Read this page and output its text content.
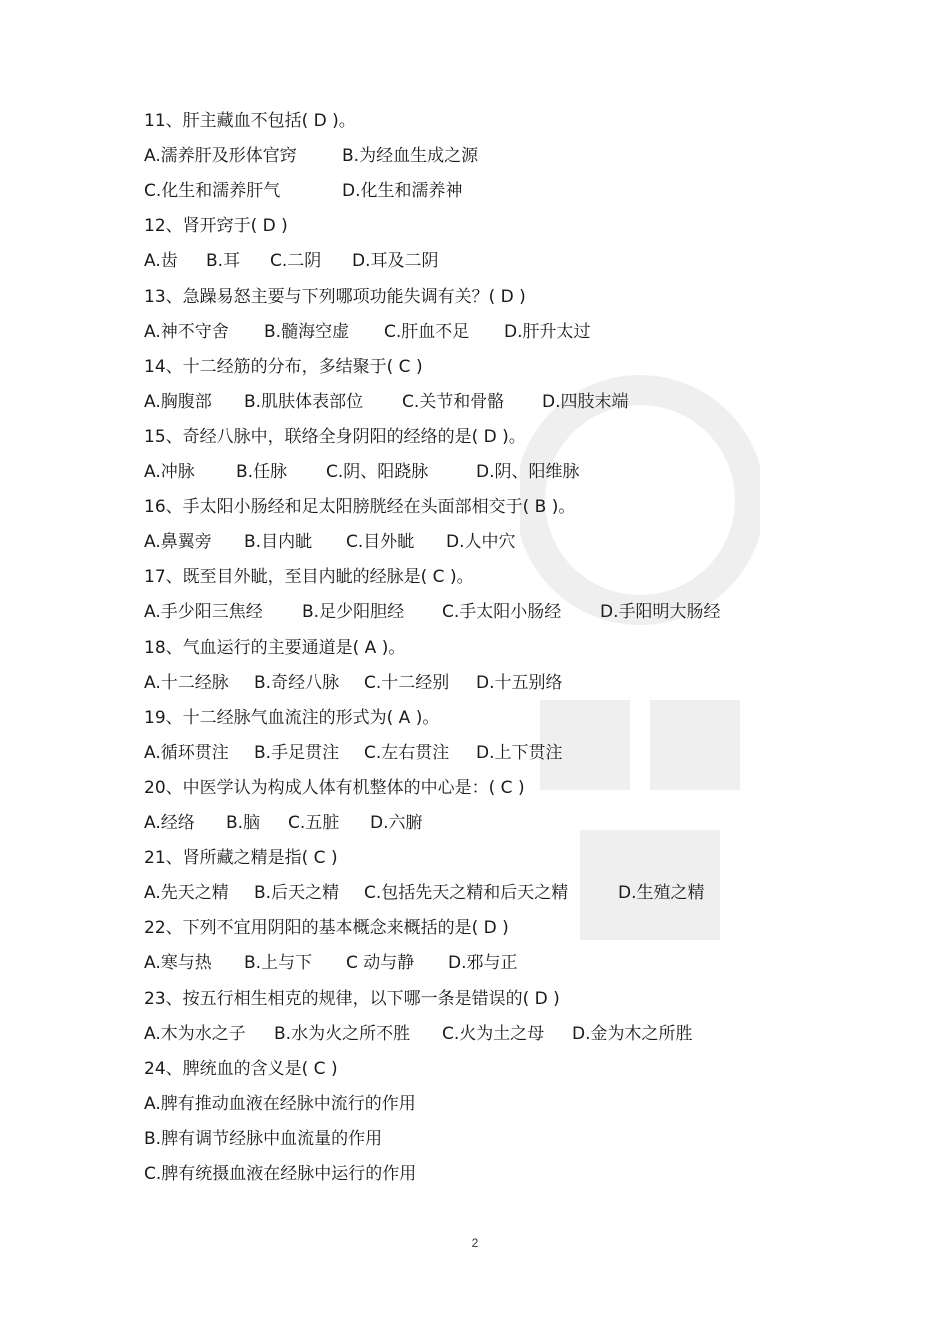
11、肝主藏血不包括( D )。
A.濡养肝及形体官窍	B.为经血生成之源
C.化生和濡养肝气	D.化生和濡养神
12、肾开窍于( D )
A.齿 B.耳 C.二阴 D.耳及二阴
13、急躁易怒主要与下列哪项功能失调有关？( D )
A.神不守舍 B.髓海空虚 C.肝血不足 D.肝升太过
14、十二经筋的分布，多结聚于( C )
A.胸腹部 B.肌肤体表部位 C.关节和骨骼 D.四肢末端
15、奇经八脉中，联络全身阴阳的经络的是( D )。
A.冲脉 B.任脉 C.阴、阳跷脉	D.阴、阳维脉
16、手太阳小肠经和足太阳膀胱经在头面部相交于( B )。
A.鼻翼旁 B.目内眦 C.目外眦 D.人中穴
17、既至目外眦，至目内眦的经脉是( C )。
A.手少阳三焦经 B.足少阳胆经 C.手太阳小肠经 D.手阳明大肠经
18、气血运行的主要通道是( A )。
A.十二经脉 B.奇经八脉 C.十二经别 D.十五别络
19、十二经脉气血流注的形式为( A )。
A.循环贯注 B.手足贯注 C.左右贯注 D.上下贯注
20、中医学认为构成人体有机整体的中心是：( C )
A.经络 B.脑 C.五脏 D.六腑
21、肾所藏之精是指( C )
A.先天之精 B.后天之精 C.包括先天之精和后天之精	D.生殖之精
22、下列不宜用阴阳的基本概念来概括的是( D )
A.寒与热 B.上与下 C 动与静 D.邪与正
23、按五行相生相克的规律，以下哪一条是错误的( D )
A.木为水之子 B.水为火之所不胜 C.火为土之母 D.金为木之所胜
24、脾统血的含义是( C )
A.脾有推动血液在经脉中流行的作用
B.脾有调节经脉中血流量的作用
C.脾有统摄血液在经脉中运行的作用
2
